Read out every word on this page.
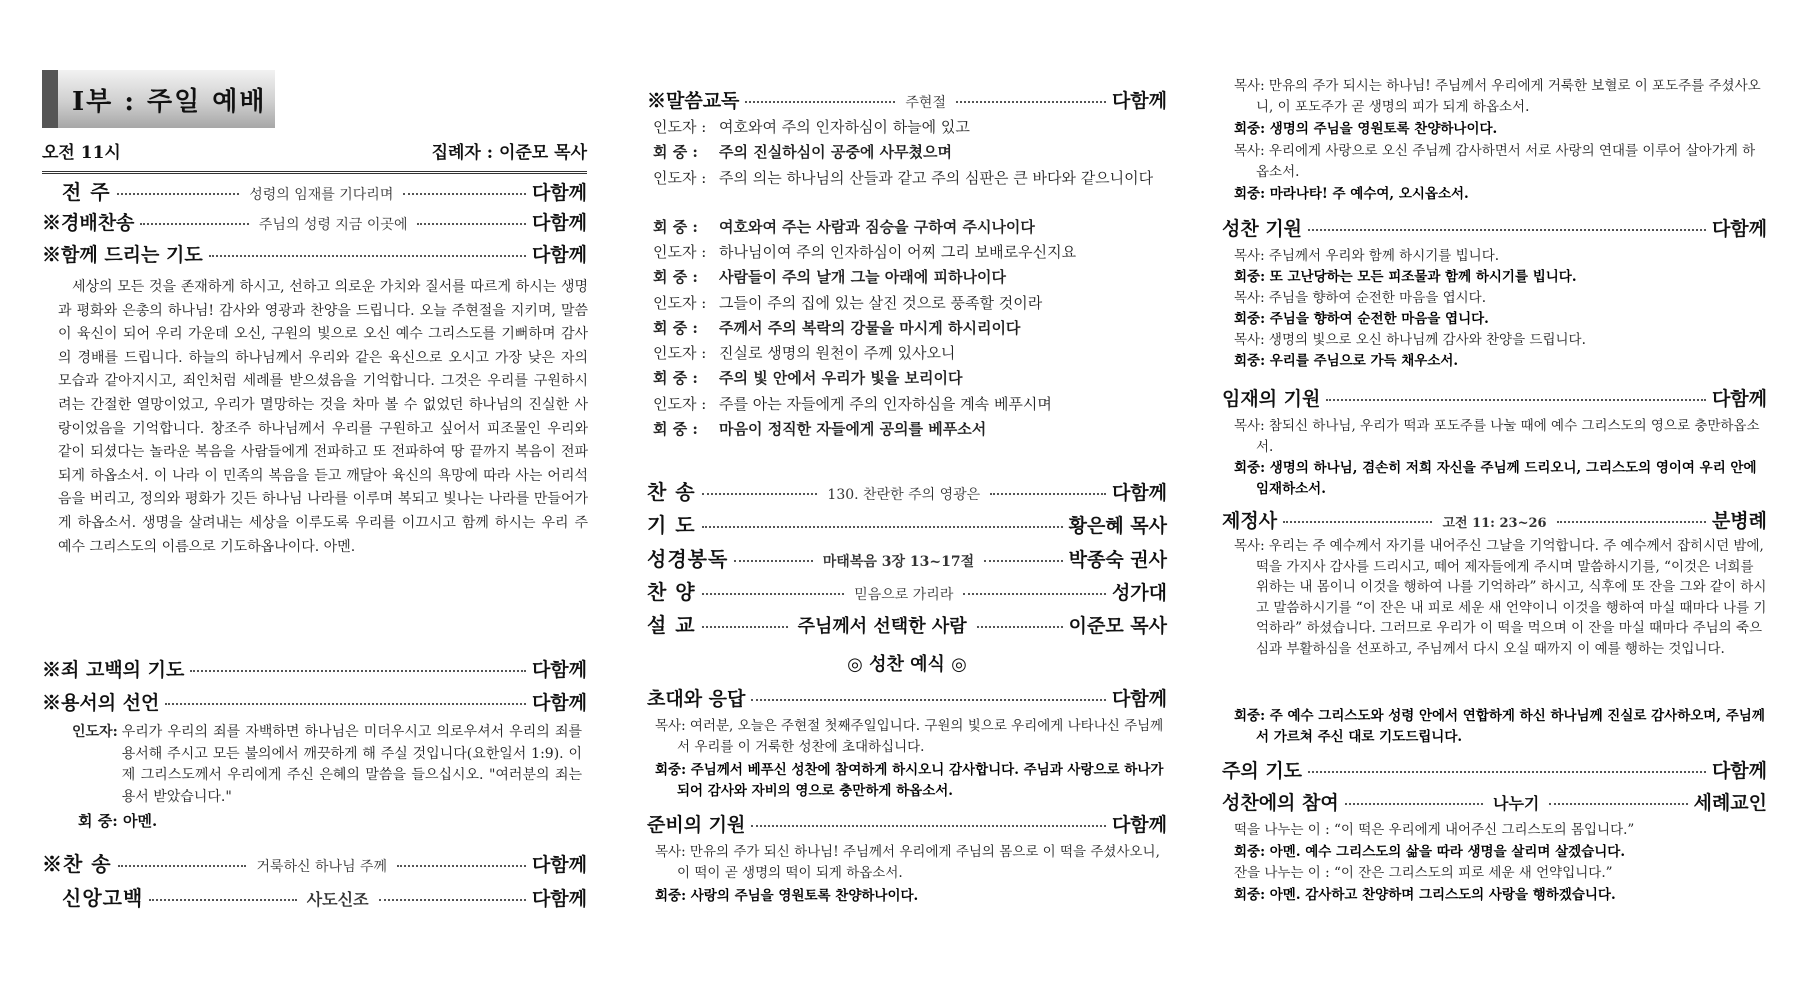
I부 : 주일 예배
오전 11시	집례자 : 이준모 목사
전 주	성령의 임재를 기다리며	다함께
※경배찬송	주님의 성령 지금 이곳에	다함께
※함께 드리는 기도	다함께
세상의 모든 것을 존재하게 하시고, 선하고 의로운 가치와 질서를 따르게 하시는 생명과 평화와 은총의 하나님! 감사와 영광과 찬양을 드립니다. 오늘 주현절을 지키며, 말씀이 육신이 되어 우리 가운데 오신, 구원의 빛으로 오신 예수 그리스도를 기뻐하며 감사의 경배를 드립니다. 하늘의 하나님께서 우리와 같은 육신으로 오시고 가장 낮은 자의 모습과 같아지시고, 죄인처럼 세례를 받으셨음을 기억합니다. 그것은 우리를 구원하시려는 간절한 열망이었고, 우리가 멸망하는 것을 차마 볼 수 없었던 하나님의 진실한 사랑이었음을 기억합니다. 창조주 하나님께서 우리를 구원하고 싶어서 피조물인 우리와 같이 되셨다는 놀라운 복음을 사람들에게 전파하고 또 전파하여 땅 끝까지 복음이 전파되게 하옵소서. 이 나라 이 민족의 복음을 듣고 깨달아 육신의 욕망에 따라 사는 어리석음을 버리고, 정의와 평화가 깃든 하나님 나라를 이루며 복되고 빛나는 나라를 만들어가게 하옵소서. 생명을 살려내는 세상을 이루도록 우리를 이끄시고 함께 하시는 우리 주 예수 그리스도의 이름으로 기도하옵나이다. 아멘.
※죄 고백의 기도	다함께
※용서의 선언	다함께
인도자: 우리가 우리의 죄를 자백하면 하나님은 미더우시고 의로우셔서 우리의 죄를 용서해 주시고 모든 불의에서 깨끗하게 해 주실 것입니다(요한일서 1:9). 이제 그리스도께서 우리에게 주신 은혜의 말씀을 들으십시오. "여러분의 죄는 용서 받았습니다."
회 중: 아멘.
※찬 송	거룩하신 하나님 주께	다함께
신앙고백	사도신조	다함께
※말씀교독	주현절	다함께
인도자 : 여호와여 주의 인자하심이 하늘에 있고
회 중 :	주의 진실하심이 공중에 사무쳤으며
인도자 : 주의 의는 하나님의 산들과 같고 주의 심판은 큰 바다와 같으니이다
회 중 :	여호와여 주는 사람과 짐승을 구하여 주시나이다
인도자 : 하나님이여 주의 인자하심이 어찌 그리 보배로우신지요
회 중 :	사람들이 주의 날개 그늘 아래에 피하나이다
인도자 : 그들이 주의 집에 있는 살진 것으로 풍족할 것이라
회 중 :	주께서 주의 복락의 강물을 마시게 하시리이다
인도자 : 진실로 생명의 원천이 주께 있사오니
회 중 :	주의 빛 안에서 우리가 빛을 보리이다
인도자 : 주를 아는 자들에게 주의 인자하심을 계속 베푸시며
회 중 :	마음이 정직한 자들에게 공의를 베푸소서
찬 송	130. 찬란한 주의 영광은	다함께
기 도	황은혜 목사
성경봉독	마태복음 3장 13~17절	박종숙 권사
찬 양	믿음으로 가리라	성가대
설 교	주님께서 선택한 사람	이준모 목사
◎ 성찬 예식 ◎
초대와 응답	다함께
목사: 여러분, 오늘은 주현절 첫째주일입니다. 구원의 빛으로 우리에게 나타나신 주님께서 우리를 이 거룩한 성찬에 초대하십니다.
회중: 주님께서 베푸신 성찬에 참여하게 하시오니 감사합니다. 주님과 사랑으로 하나가 되어 감사와 자비의 영으로 충만하게 하옵소서.
준비의 기원	다함께
목사: 만유의 주가 되신 하나님! 주님께서 우리에게 주님의 몸으로 이 떡을 주셨사오니, 이 떡이 곧 생명의 떡이 되게 하옵소서.
회중: 사랑의 주님을 영원토록 찬양하나이다.
목사: 만유의 주가 되시는 하나님! 주님께서 우리에게 거룩한 보혈로 이 포도주를 주셨사오니, 이 포도주가 곧 생명의 피가 되게 하옵소서.
회중: 생명의 주님을 영원토록 찬양하나이다.
목사: 우리에게 사랑으로 오신 주님께 감사하면서 서로 사랑의 연대를 이루어 살아가게 하옵소서.
회중: 마라나타! 주 예수여, 오시옵소서.
성찬 기원	다함께
목사: 주님께서 우리와 함께 하시기를 빕니다.
회중: 또 고난당하는 모든 피조물과 함께 하시기를 빕니다.
목사: 주님을 향하여 순전한 마음을 엽시다.
회중: 주님을 향하여 순전한 마음을 엽니다.
목사: 생명의 빛으로 오신 하나님께 감사와 찬양을 드립니다.
회중: 우리를 주님으로 가득 채우소서.
임재의 기원	다함께
목사: 참되신 하나님, 우리가 떡과 포도주를 나눌 때에 예수 그리스도의 영으로 충만하옵소서.
회중: 생명의 하나님, 겸손히 저희 자신을 주님께 드리오니, 그리스도의 영이여 우리 안에 임재하소서.
제정사	고전 11: 23~26	분병례
목사: 우리는 주 예수께서 자기를 내어주신 그날을 기억합니다. 주 예수께서 잡히시던 밤에, 떡을 가지사 감사를 드리시고, 떼어 제자들에게 주시며 말씀하시기를, “이것은 너희를 위하는 내 몸이니 이것을 행하여 나를 기억하라” 하시고, 식후에 또 잔을 그와 같이 하시고 말씀하시기를 “이 잔은 내 피로 세운 새 언약이니 이것을 행하여 마실 때마다 나를 기억하라” 하셨습니다. 그러므로 우리가 이 떡을 먹으며 이 잔을 마실 때마다 주님의 죽으심과 부활하심을 선포하고, 주님께서 다시 오실 때까지 이 예를 행하는 것입니다.
회중: 주 예수 그리스도와 성령 안에서 연합하게 하신 하나님께 진실로 감사하오며, 주님께서 가르쳐 주신 대로 기도드립니다.
주의 기도	다함께
성찬에의 참여	나누기	세례교인
떡을 나누는 이 : “이 떡은 우리에게 내어주신 그리스도의 몸입니다.”
회중: 아멘. 예수 그리스도의 삶을 따라 생명을 살리며 살겠습니다.
잔을 나누는 이 : “이 잔은 그리스도의 피로 세운 새 언약입니다.”
회중: 아멘. 감사하고 찬양하며 그리스도의 사랑을 행하겠습니다.
